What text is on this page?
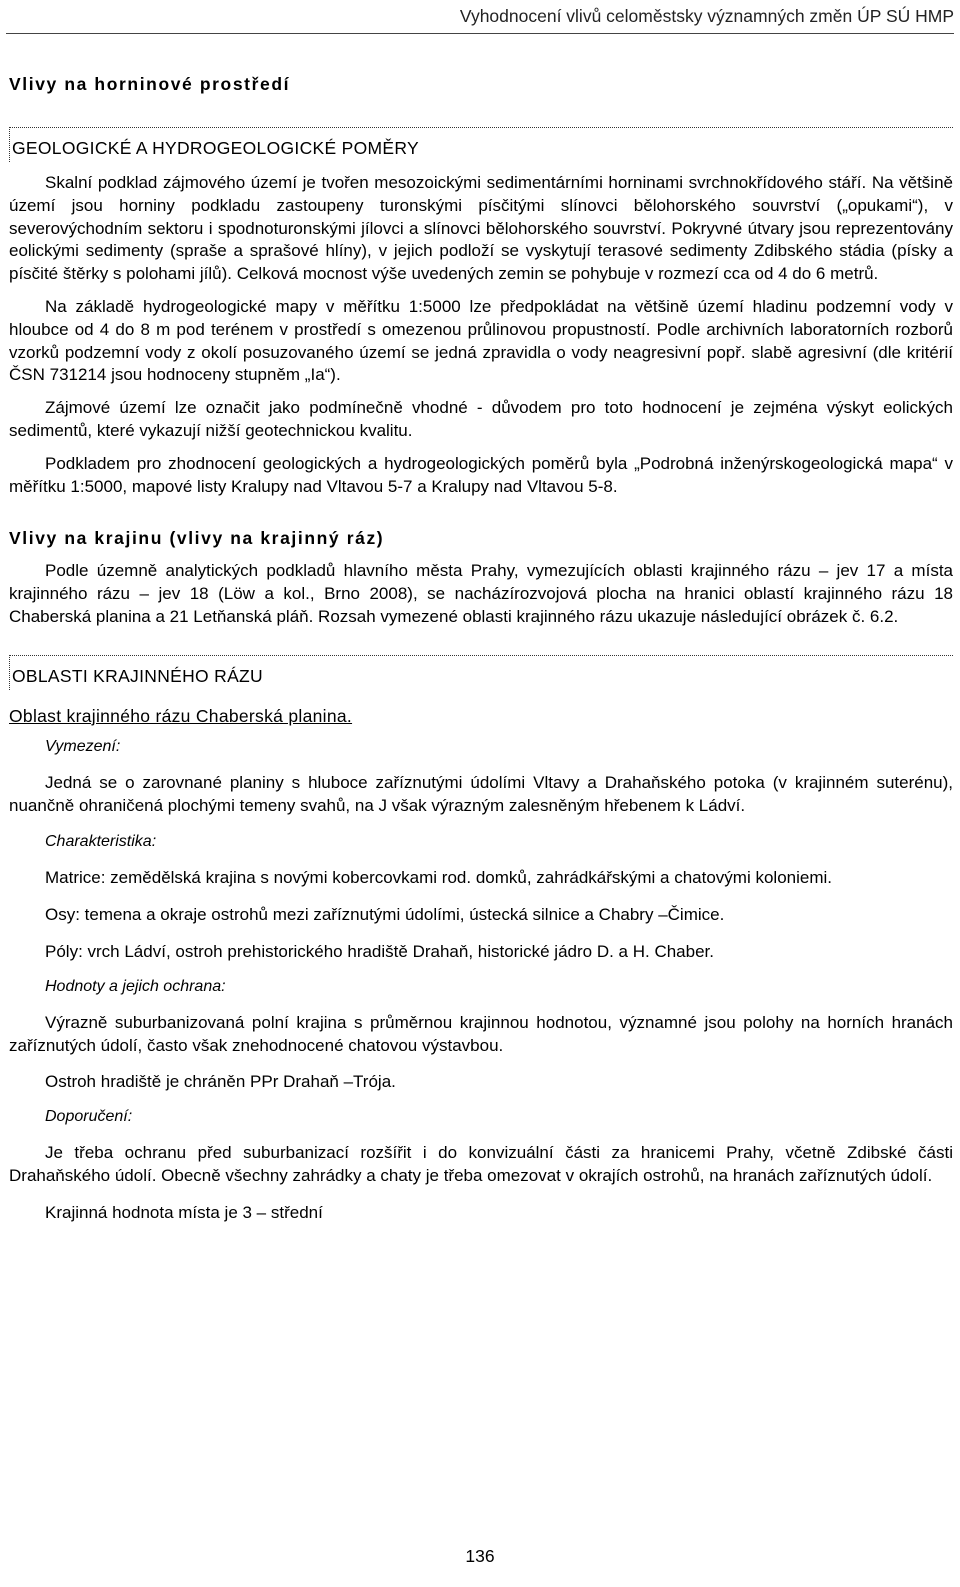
Vyhodnocení vlivů celoměstsky významných změn ÚP SÚ HMP
Vlivy na horninové prostředí
GEOLOGICKÉ A HYDROGEOLOGICKÉ POMĚRY

Skalní podklad zájmového území je tvořen mesozoickými sedimentárními horninami svrchnokřídového stáří. Na většině území jsou horniny podkladu zastoupeny turonskými písčitými slínovci bělohorského souvrství („opukami“), v severovýchodním sektoru i spodnoturonskými jílovci a slínovci bělohorského souvrství. Pokryvné útvary jsou reprezentovány eolickými sedimenty (spraše a sprašové hlíny), v jejich podloží se vyskytují terasové sedimenty Zdibského stádia (písky a písčité štěrky s polohami jílů). Celková mocnost výše uvedených zemin se pohybuje v rozmezí cca od 4 do 6 metrů.

Na základě hydrogeologické mapy v měřítku 1:5000 lze předpokládat na většině území hladinu podzemní vody v hloubce od 4 do 8 m pod terénem v prostředí s omezenou průlinovou propustností. Podle archivních laboratorních rozborů vzorků podzemní vody z okolí posuzovaného území se jedná zpravidla o vody neagresivní popř. slabě agresivní (dle kritérií ČSN 731214 jsou hodnoceny stupněm „Ia“).

Zájmové území lze označit jako podmínečně vhodné - důvodem pro toto hodnocení je zejména výskyt eolických sedimentů, které vykazují nižší geotechnickou kvalitu.

Podkladem pro zhodnocení geologických a hydrogeologických poměrů byla „Podrobná inženýrskogeologická mapa“ v měřítku 1:5000, mapové listy Kralupy nad Vltavou 5-7 a Kralupy nad Vltavou 5-8.

Vlivy na krajinu (vlivy na krajinný ráz)

Podle územně analytických podkladů hlavního města Prahy, vymezujících oblasti krajinného rázu – jev 17 a místa krajinného rázu – jev 18 (Löw a kol., Brno 2008), se nacházírozvojová plocha na hranici oblastí krajinného rázu 18 Chaberská planina a 21 Letňanská pláň. Rozsah vymezené oblasti krajinného rázu ukazuje následující obrázek č. 6.2.

OBLASTI KRAJINNÉHO RÁZU
Oblast krajinného rázu Chaberská planina.
Vymezení:

Jedná se o zarovnané planiny s hluboce zaříznutými údolími Vltavy a Drahaňského potoka (v krajinném suterénu), nuančně ohraničená plochými temeny svahů, na J však výrazným zalesněným hřebenem k Ládví.

Charakteristika:

Matrice: zemědělská krajina s novými kobercovkami rod. domků, zahrádkářskými a chatovými koloniemi.

Osy: temena a okraje ostrohů mezi zaříznutými údolími, ústecká silnice a Chabry –Čimice.

Póly: vrch Ládví, ostroh prehistorického hradiště Drahaň, historické jádro D. a H. Chaber.

Hodnoty a jejich ochrana:

Výrazně suburbanizovaná polní krajina s průměrnou krajinnou hodnotou, významné jsou polohy na horních hranách zaříznutých údolí, často však znehodnocené chatovou výstavbou.

Ostroh hradiště je chráněn PPr Drahaň –Trója.

Doporučení:

Je třeba ochranu před suburbanizací rozšířit i do konvizuální části za hranicemi Prahy, včetně Zdibské části Drahaňského údolí. Obecně všechny zahrádky a chaty je třeba omezovat v okrajích ostrohů, na hranách zaříznutých údolí.

Krajinná hodnota místa je 3 – střední

136
